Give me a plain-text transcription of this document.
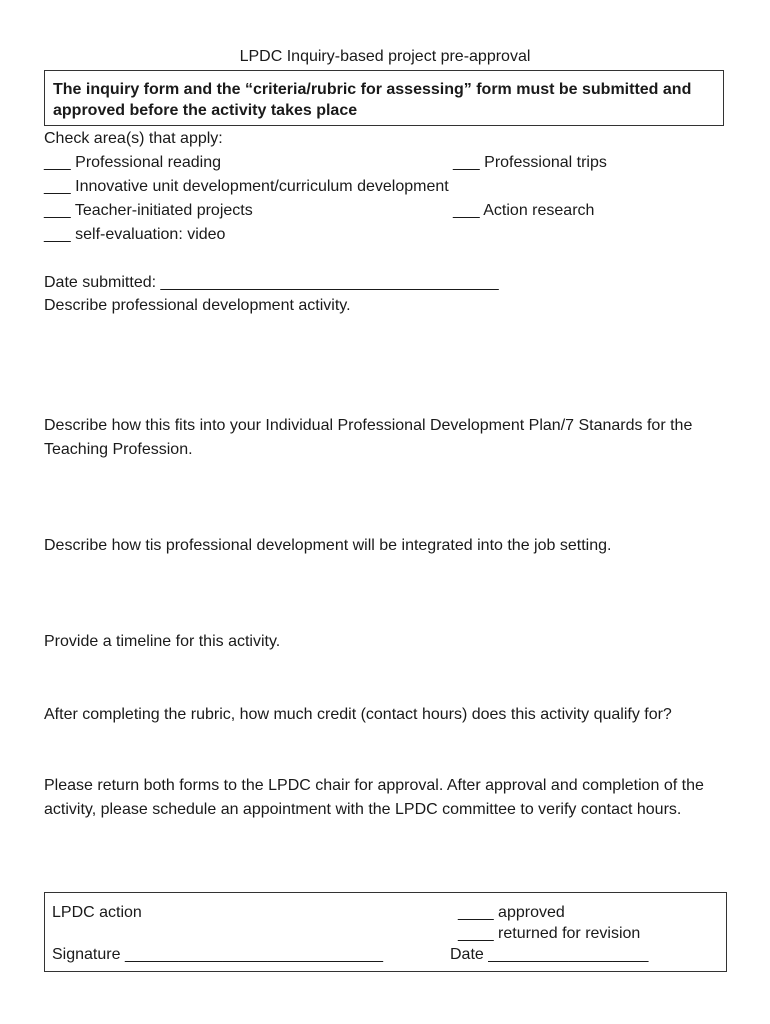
LPDC Inquiry-based project pre-approval
The inquiry form and the “criteria/rubric for assessing” form must be submitted and approved before the activity takes place
Check area(s) that apply:
___ Professional reading	___ Professional trips
___ Innovative unit development/curriculum development
___ Teacher-initiated projects	___ Action research
___ self-evaluation: video
Date submitted: ______________________________________
Describe professional development activity.
Describe how this fits into your Individual Professional Development Plan/7 Stanards for the Teaching Profession.
Describe how tis professional development will be integrated into the job setting.
Provide a timeline for this activity.
After completing the rubric, how much credit (contact hours) does this activity qualify for?
Please return both forms to the LPDC chair for approval. After approval and completion of the activity, please schedule an appointment with the LPDC committee to verify contact hours.
LPDC action	____ approved
____ returned for revision
Signature _____________________________	Date __________________
